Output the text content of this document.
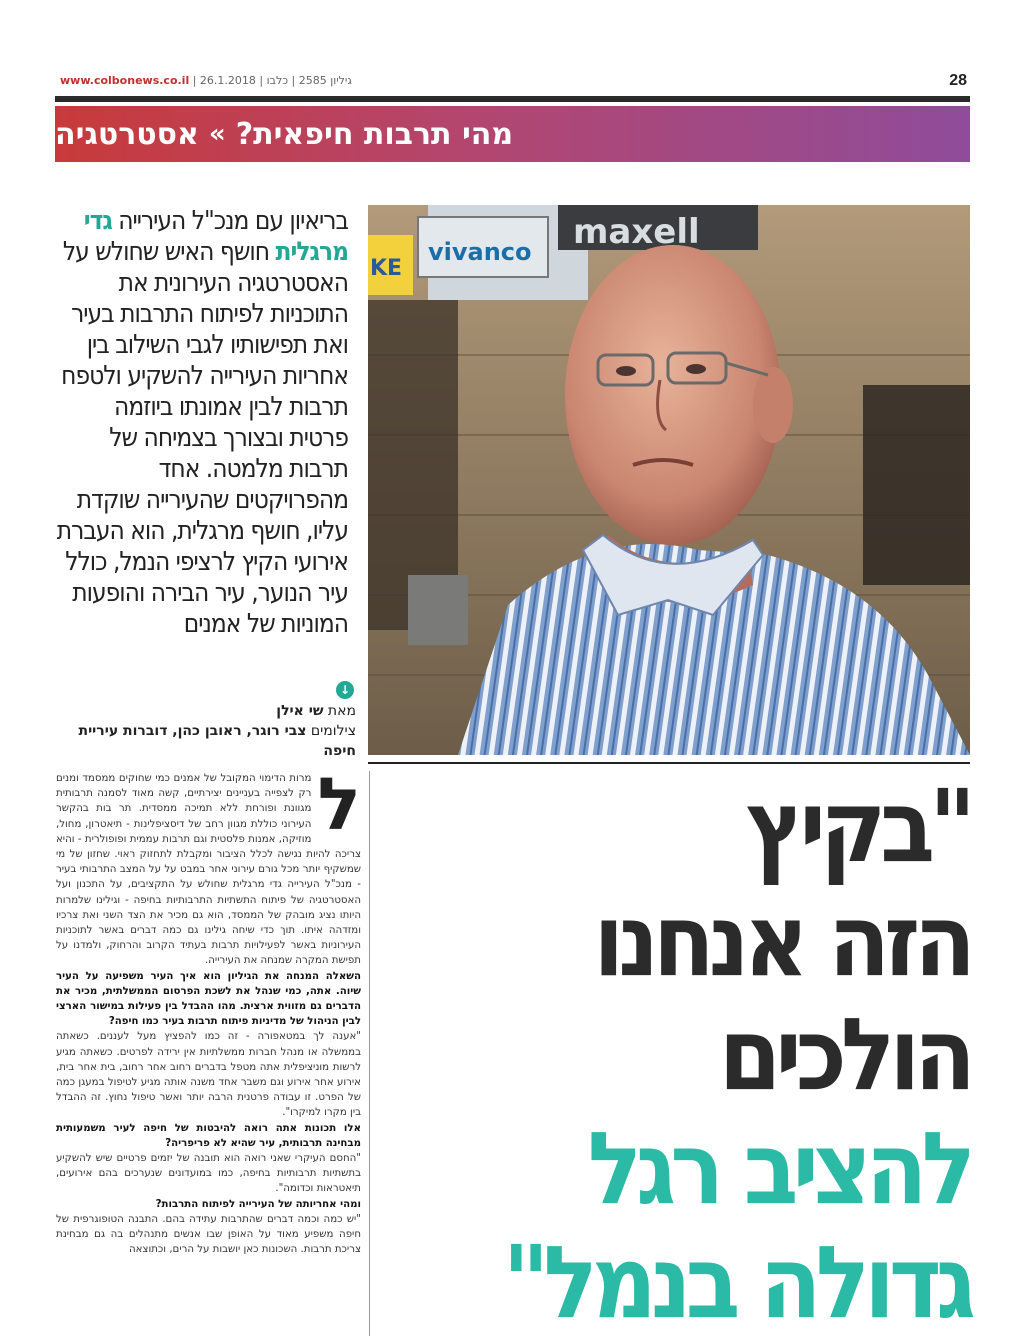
www.colbonews.co.il | 26.1.2018 | גיליון 2585 | כלבו	28
מהי תרבות חיפאית?
»
אסטרטגיה
maxell
vivanco
KE
בריאיון עם מנכ"ל העירייה גדי מרגלית חושף האיש שחולש על האסטרטגיה העירונית את התוכניות לפיתוח התרבות בעיר ואת תפישותיו לגבי השילוב בין אחריות העירייה להשקיע ולטפח תרבות לבין אמונתו ביוזמה פרטית ובצורך בצמיחה של תרבות מלמטה. אחד מהפרויקטים שהעירייה שוקדת עליו, חושף מרגלית, הוא העברת אירועי הקיץ לרציפי הנמל, כולל עיר הנוער, עיר הבירה והופעות המוניות של אמנים
↓
מאת שי אילן
צילומים צבי רוגר, ראובן כהן, דוברות עיריית חיפה
ל

מרות הדימוי המקובל של אמנים כמי שחוקים ממסמד ומנים רק לצפייה בעניינים יצירתיים, קשה מאוד לסמנה תרבותית מגוונת ופורחת ללא תמיכה ממסדית. תר בות בהקשר העירוני כוללת מגוון רחב של דיסציפלינות - תיאטרון, מחול, מוזיקה, אמנות פלסטית וגם תרבות עממית ופופולרית - והיא צריכה להיות נגישה לכלל הציבור ומקבלת לתחזוק ראוי. שחזון של מי שמשקיף יותר מכל גורם עירוני אחר במבט על על המצב התרבותי בעיר - מנכ"ל העירייה גדי מרגלית שחולש על התקציבים, על התכנון ועל האסטרטגיה של פיתוח התשתיות התרבותיות בחיפה - וגילינו שלמרות היותו נציג מובהק של הממסד, הוא גם מכיר את הצד השני ואת צרכיו ומזדהה איתו. תוך כדי שיחה גילינו גם כמה דברים באשר לתוכניות העירוניות באשר לפעילויות תרבות בעתיד הקרוב והרחוק, ולמדנו על תפישת המקרה שמנחה את העירייה.

השאלה המנחה את הגיליון הוא איך העיר משפיעה על העיר שיוה. אתה, כמי שנהל את לשכת הפרסום הממשלתית, מכיר את הדברים גם מזווית ארצית. מהו ההבדל בין פעילות במישור הארצי לבין הניהול של מדיניות פיתוח תרבות בעיר כמו חיפה?

"אענה לך במטאפורה - זה כמו להפציץ מעל לעננים. כשאתה בממשלה או מנהל חברות ממשלתיות אין ירידה לפרטים. כשאתה מגיע לרשות מוניציפלית אתה מטפל בדברים רחוב אחר רחוב, בית אחר בית, אירוע אחר אירוע וגם משבר אחד משנה אותה מגיע לטיפול במעגן כמה של הפרט. זו עבודה פרטנית הרבה יותר ואשר טיפול נחוץ. זה ההבדל בין מקרו למיקרו".

אלו תכונות אתה רואה להיבטות של חיפה לעיר משמעותית מבחינה תרבותית, עיר שהיא לא פריפריה?

"החסם העיקרי שאני רואה הוא תובנה של יזמים פרטיים שיש להשקיע בתשתיות תרבותיות בחיפה, כמו במועדונים שנערכים בהם אירועים, תיאטראות וכדומה".

ומהי אחריותה של העירייה לפיתוח התרבות?

"יש כמה וכמה דברים שהתרבות עתידה בהם. התבנה הטופוגרפית של חיפה משפיע מאוד על האופן שבו אנשים מתנהלים בה גם מבחינת צריכת תרבות. השכונות כאן יושבות על הרים, וכתוצאה

"בקיץ
הזה אנחנו
הולכים
להציב רגל
גדולה בנמל"
